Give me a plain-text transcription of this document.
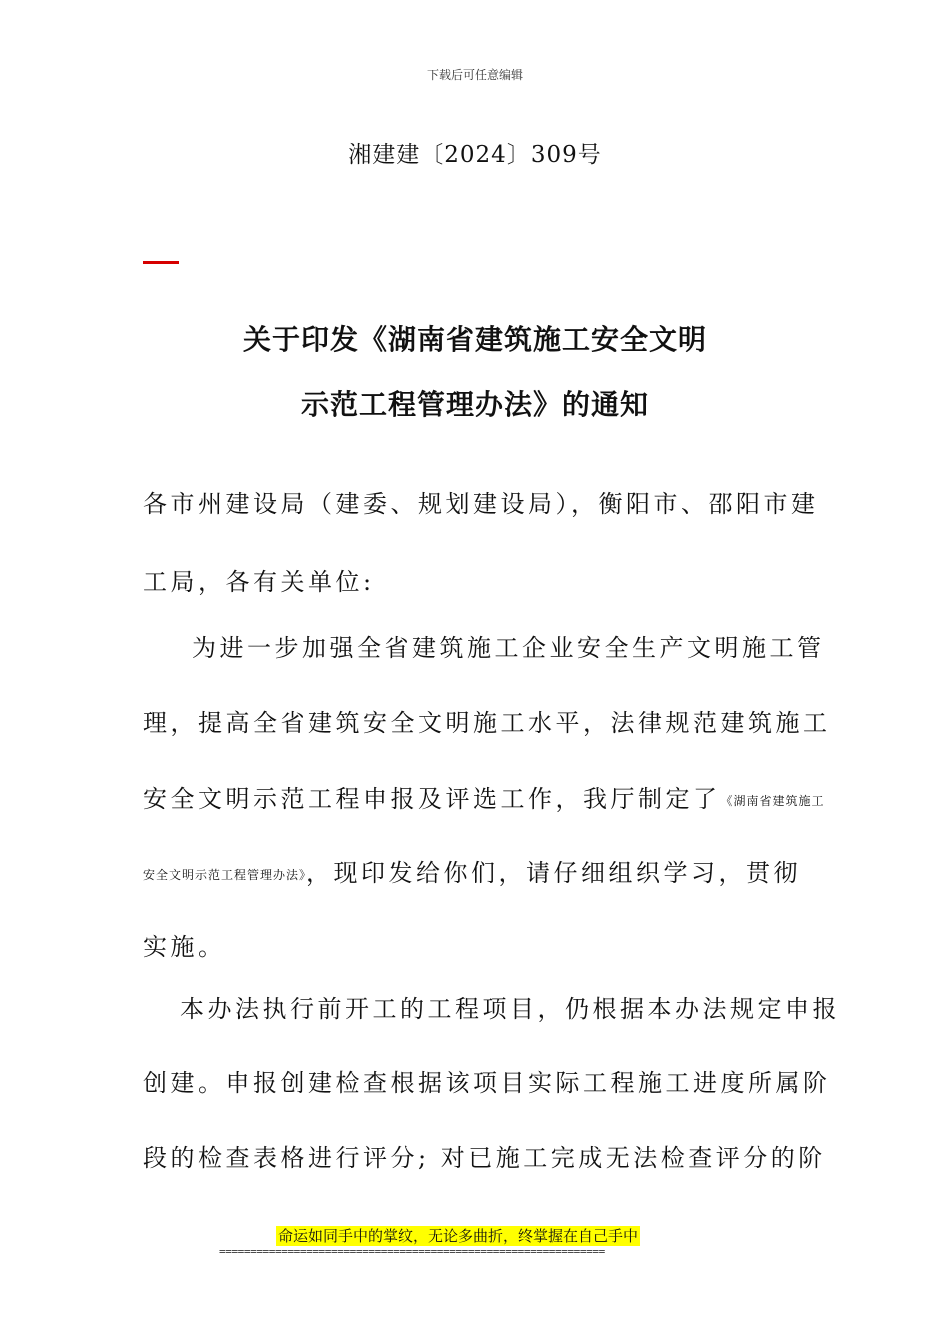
下载后可任意编辑
湘建建〔2024〕309号
关于印发《湖南省建筑施工安全文明
示范工程管理办法》的通知
各市州建设局（建委、规划建设局），衡阳市、邵阳市建
工局，各有关单位:
为进一步加强全省建筑施工企业安全生产文明施工管
理，提高全省建筑安全文明施工水平，法律规范建筑施工
安全文明示范工程申报及评选工作，我厅制定了《湖南省建筑施工
安全文明示范工程管理办法》，现印发给你们，请仔细组织学习，贯彻
实施。
本办法执行前开工的工程项目，仍根据本办法规定申报
创建。申报创建检查根据该项目实际工程施工进度所属阶
段的检查表格进行评分; 对已施工完成无法检查评分的阶
命运如同手中的掌纹，无论多曲折，终掌握在自己手中
==============================================================
